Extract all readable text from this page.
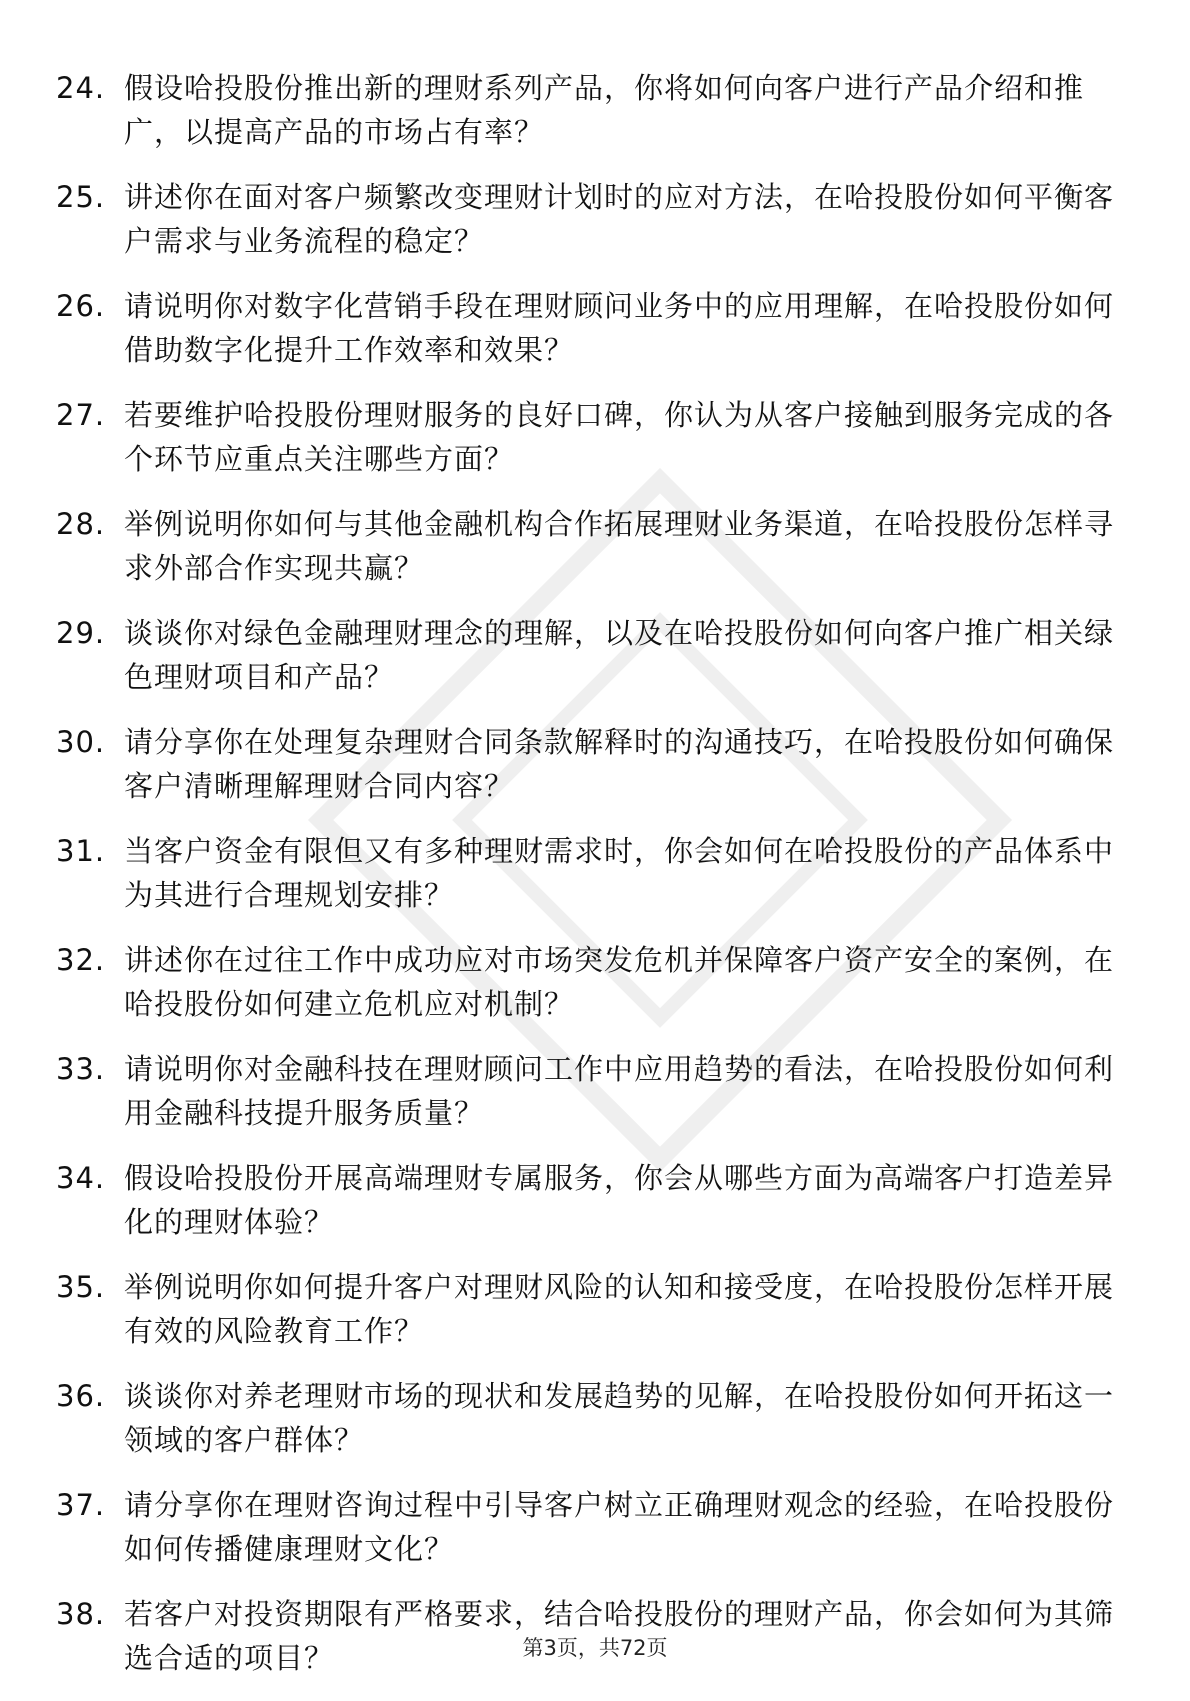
24. 假设哈投股份推出新的理财系列产品，你将如何向客户进行产品介绍和推广，以提高产品的市场占有率？
25. 讲述你在面对客户频繁改变理财计划时的应对方法，在哈投股份如何平衡客户需求与业务流程的稳定？
26. 请说明你对数字化营销手段在理财顾问业务中的应用理解，在哈投股份如何借助数字化提升工作效率和效果？
27. 若要维护哈投股份理财服务的良好口碑，你认为从客户接触到服务完成的各个环节应重点关注哪些方面？
28. 举例说明你如何与其他金融机构合作拓展理财业务渠道，在哈投股份怎样寻求外部合作实现共赢？
29. 谈谈你对绿色金融理财理念的理解，以及在哈投股份如何向客户推广相关绿色理财项目和产品？
30. 请分享你在处理复杂理财合同条款解释时的沟通技巧，在哈投股份如何确保客户清晰理解理财合同内容？
31. 当客户资金有限但又有多种理财需求时，你会如何在哈投股份的产品体系中为其进行合理规划安排？
32. 讲述你在过往工作中成功应对市场突发危机并保障客户资产安全的案例，在哈投股份如何建立危机应对机制？
33. 请说明你对金融科技在理财顾问工作中应用趋势的看法，在哈投股份如何利用金融科技提升服务质量？
34. 假设哈投股份开展高端理财专属服务，你会从哪些方面为高端客户打造差异化的理财体验？
35. 举例说明你如何提升客户对理财风险的认知和接受度，在哈投股份怎样开展有效的风险教育工作？
36. 谈谈你对养老理财市场的现状和发展趋势的见解，在哈投股份如何开拓这一领域的客户群体？
37. 请分享你在理财咨询过程中引导客户树立正确理财观念的经验，在哈投股份如何传播健康理财文化？
38. 若客户对投资期限有严格要求，结合哈投股份的理财产品，你会如何为其筛选合适的项目？	第3页，共72页
